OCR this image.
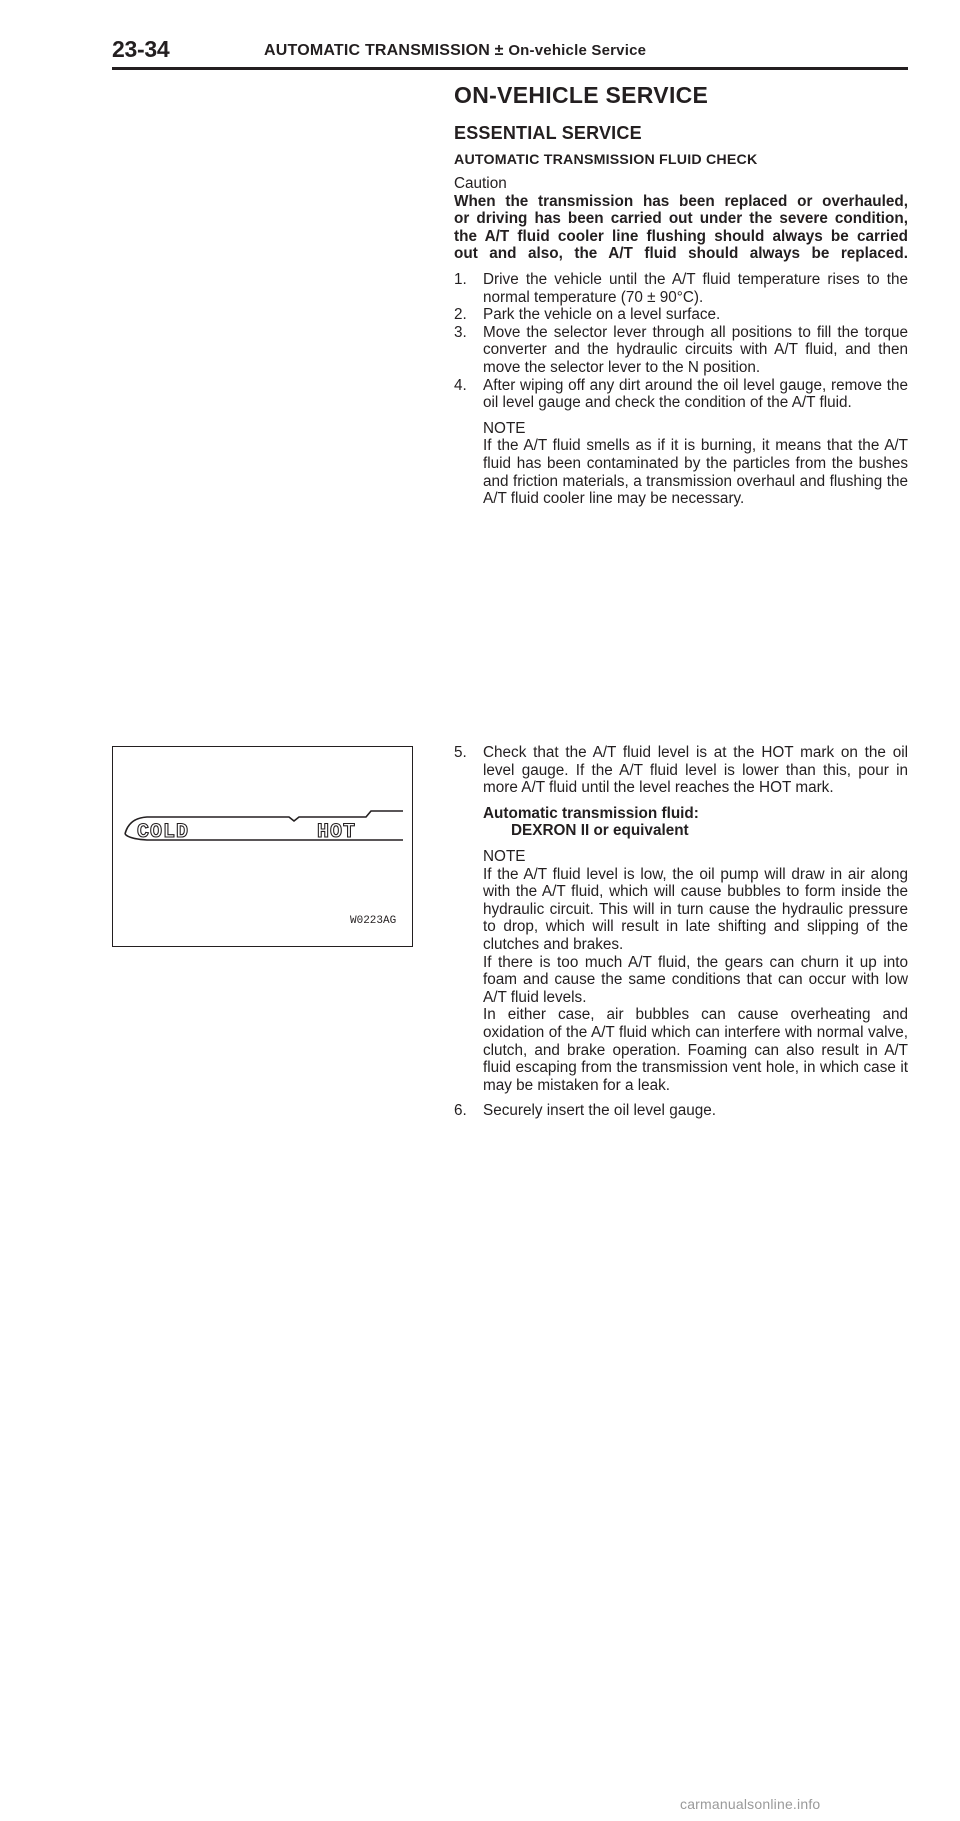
23-34	AUTOMATIC TRANSMISSION ± On-vehicle Service
ON-VEHICLE SERVICE
ESSENTIAL SERVICE
AUTOMATIC TRANSMISSION FLUID CHECK
Caution
When the transmission has been replaced or overhauled,
or driving has been carried out under the severe condition,
the A/T fluid cooler line flushing should always be carried
out and also, the A/T fluid should always be replaced.
1. Drive the vehicle until the A/T fluid temperature rises to the normal temperature (70 ± 90°C).
2. Park the vehicle on a level surface.
3. Move the selector lever through all positions to fill the torque converter and the hydraulic circuits with A/T fluid, and then move the selector lever to the N position.
4. After wiping off any dirt around the oil level gauge, remove the oil level gauge and check the condition of the A/T fluid.
NOTE
If the A/T fluid smells as if it is burning, it means that the A/T fluid has been contaminated by the particles from the bushes and friction materials, a transmission overhaul and flushing the A/T fluid cooler line may be necessary.
COLD	HOT
W0223AG
5. Check that the A/T fluid level is at the HOT mark on the oil level gauge. If the A/T fluid level is lower than this, pour in more A/T fluid until the level reaches the HOT mark.
Automatic transmission fluid:
DEXRON II or equivalent
NOTE
If the A/T fluid level is low, the oil pump will draw in air along with the A/T fluid, which will cause bubbles to form inside the hydraulic circuit. This will in turn cause the hydraulic pressure to drop, which will result in late shifting and slipping of the clutches and brakes.
If there is too much A/T fluid, the gears can churn it up into foam and cause the same conditions that can occur with low A/T fluid levels.
In either case, air bubbles can cause overheating and oxidation of the A/T fluid which can interfere with normal valve, clutch, and brake operation. Foaming can also result in A/T fluid escaping from the transmission vent hole, in which case it may be mistaken for a leak.
6. Securely insert the oil level gauge.
carmanualsonline.info
